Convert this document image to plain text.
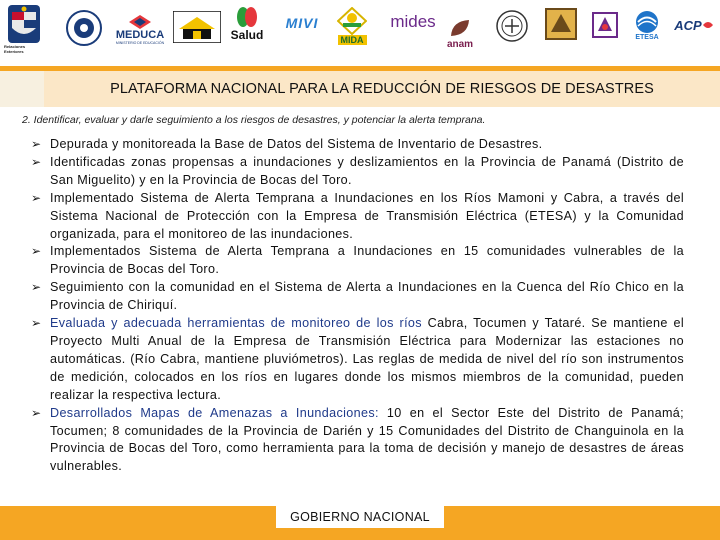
Relaciones Exteriores
MEDUCA
MINISTERIO DE EDUCACIÓN
Salud
MIVI
MIDA
mides
anam
ETESA
ACP
PLATAFORMA NACIONAL PARA LA REDUCCIÓN DE RIESGOS DE DESASTRES
2. Identificar, evaluar y darle seguimiento a los riesgos de desastres, y potenciar la alerta temprana.
➢ Depurada y monitoreada la Base de Datos del Sistema de Inventario de Desastres.
➢ Identificadas zonas propensas a inundaciones y deslizamientos en la Provincia de Panamá (Distrito de San Miguelito) y en la Provincia de Bocas del Toro.
➢ Implementado Sistema de Alerta Temprana a Inundaciones en los Ríos Mamoni y Cabra, a través del Sistema Nacional de Protección con la Empresa de Transmisión Eléctrica (ETESA) y la Comunidad organizada, para el monitoreo de las inundaciones.
➢ Implementados Sistema de Alerta Temprana a Inundaciones en 15 comunidades vulnerables de la Provincia de Bocas del Toro.
➢ Seguimiento con la comunidad en el Sistema de Alerta a Inundaciones en la Cuenca del Río Chico en la Provincia de Chiriquí.
➢ Evaluada y adecuada herramientas de monitoreo de los ríos Cabra, Tocumen y Tataré. Se mantiene el Proyecto Multi Anual de la Empresa de Transmisión Eléctrica para Modernizar las estaciones no automáticas. (Río Cabra, mantiene pluviómetros). Las reglas de medida de nivel del río son instrumentos de medición, colocados en los ríos en lugares donde los mismos miembros de la comunidad, pueden realizar la respectiva lectura.
➢ Desarrollados Mapas de Amenazas a Inundaciones: 10 en el Sector Este del Distrito de Panamá; Tocumen; 8 comunidades de la Provincia de Darién y 15 Comunidades del Distrito de Changuinola en la Provincia de Bocas del Toro, como herramienta para la toma de decisión y manejo de desastres de áreas vulnerables.
GOBIERNO NACIONAL
